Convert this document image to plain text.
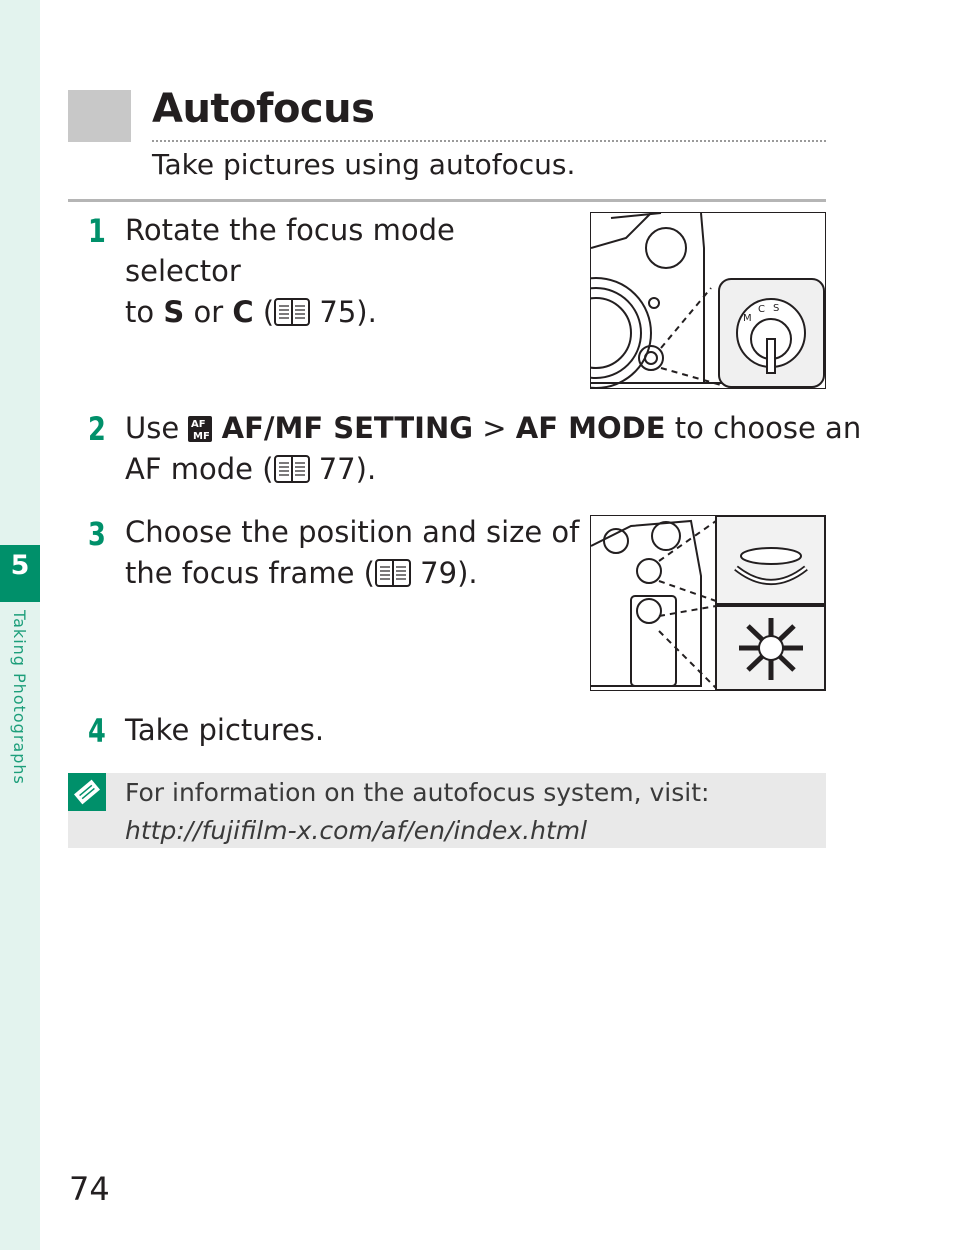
5
Taking Photographs
Autofocus
Take pictures using autofocus.
1 Rotate the focus mode selector
to S or C ( 75).	M
C S
2 Use AF
MF AF/MF SETTING > AF MODE to choose an
AF mode ( 77).
3 Choose the position and size of
the focus frame ( 79).
4 Take pictures.
For information on the autofocus system, visit:
http://fujifilm-x.com/af/en/index.html
74
